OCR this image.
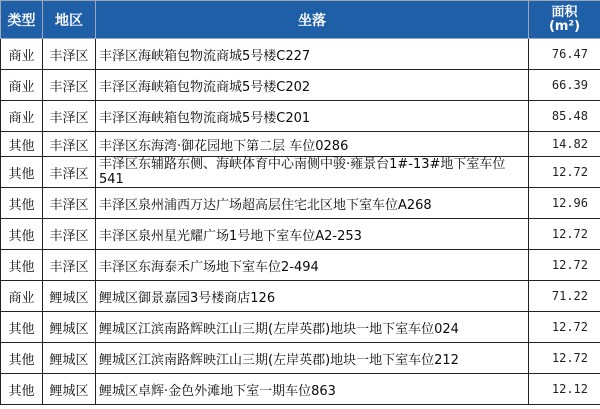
类型	地区	坐落	面积
(m²)

商业	丰泽区	丰泽区海峡箱包物流商城5号楼C227	76.47
商业	丰泽区	丰泽区海峡箱包物流商城5号楼C202	66.39
商业	丰泽区	丰泽区海峡箱包物流商城5号楼C201	85.48
其他	丰泽区	丰泽区东海湾·御花园地下第二层 车位0286	14.82
其他	丰泽区	丰泽区东辅路东侧、海峡体育中心南侧中骏·雍景台1#-13#地下室车位541	12.72
其他	丰泽区	丰泽区泉州浦西万达广场超高层住宅北区地下室车位A268	12.96
其他	丰泽区	丰泽区泉州星光耀广场1号地下室车位A2-253	12.72
其他	丰泽区	丰泽区东海泰禾广场地下室车位2-494	12.72
商业	鲤城区	鲤城区御景嘉园3号楼商店126	71.22
其他	鲤城区	鲤城区江滨南路辉映江山三期(左岸英郡)地块一地下室车位024	12.72
其他	鲤城区	鲤城区江滨南路辉映江山三期(左岸英郡)地块一地下室车位212	12.72
其他	鲤城区	鲤城区卓辉·金色外滩地下室一期车位863	12.12
